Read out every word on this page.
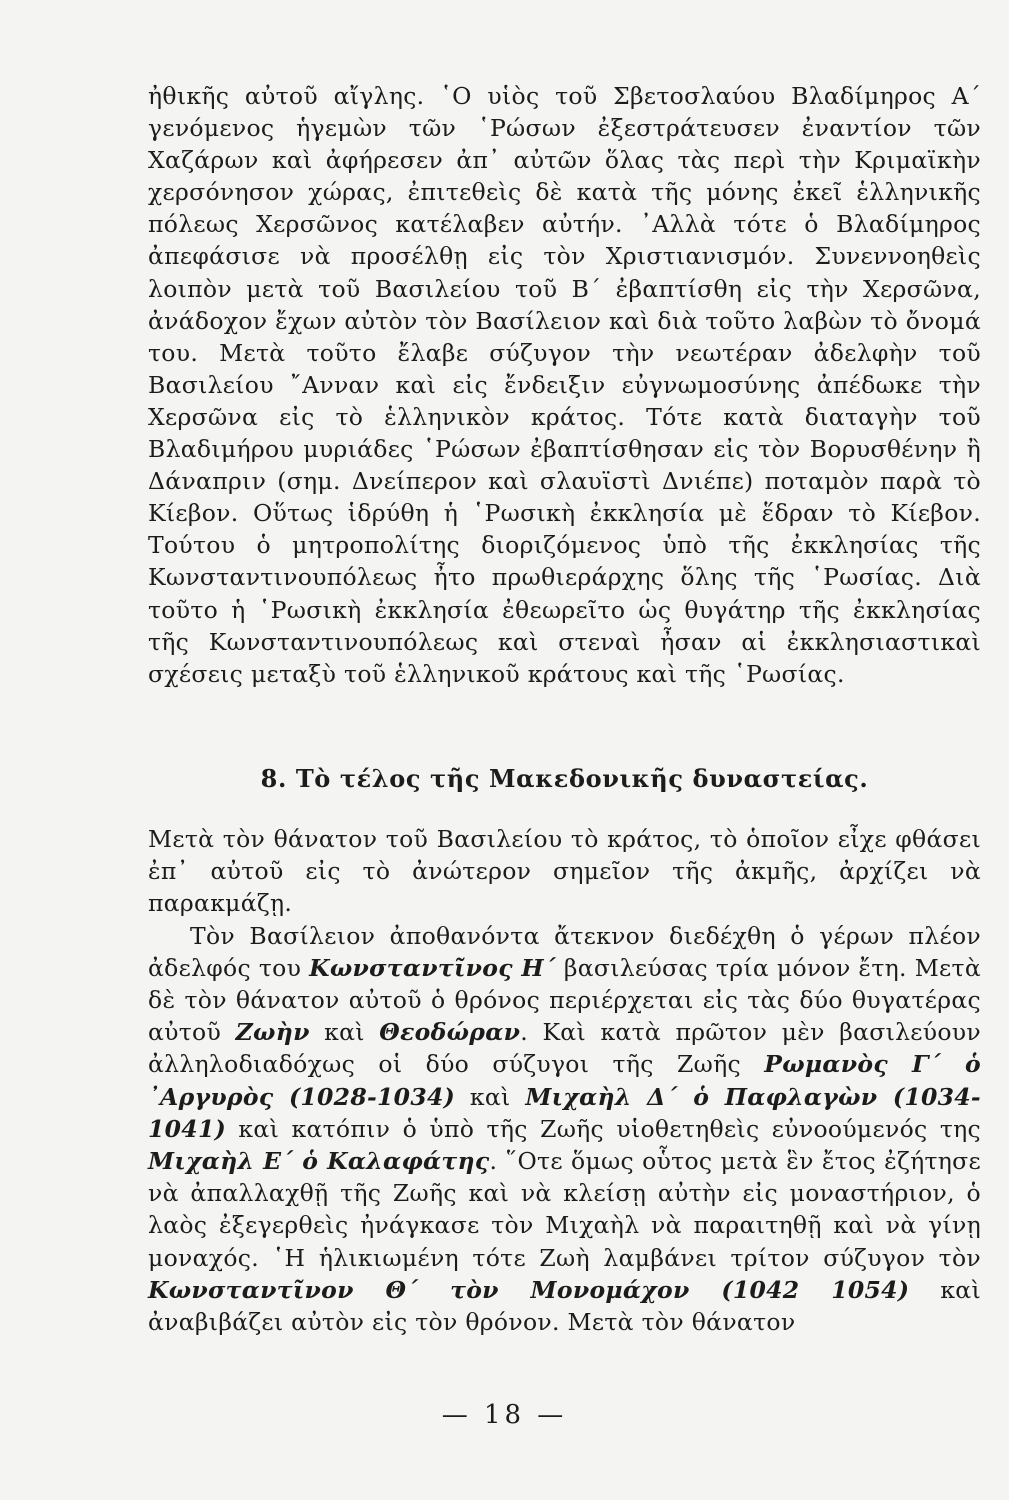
ἠθικῆς αὐτοῦ αἴγλης. ῾Ο υἱὸς τοῦ Σβετοσλαύου Βλαδίμηρος Α΄ γενόμενος ἡγεμὼν τῶν ῾Ρώσων ἐξεστράτευσεν ἐναντίον τῶν Χαζάρων καὶ ἀφήρεσεν ἀπ᾿ αὐτῶν ὅλας τὰς περὶ τὴν Κριμαϊκὴν χερσόνησον χώρας, ἐπιτεθεὶς δὲ κατὰ τῆς μόνης ἐκεῖ ἑλληνικῆς πόλεως Χερσῶνος κατέλαβεν αὐτήν. ᾿Αλλὰ τότε ὁ Βλαδίμηρος ἀπεφάσισε νὰ προσέλθῃ εἰς τὸν Χριστιανισμόν. Συνεννοηθεὶς λοιπὸν μετὰ τοῦ Βασιλείου τοῦ Β΄ ἐβαπτίσθη εἰς τὴν Χερσῶνα, ἀνάδοχον ἔχων αὐτὸν τὸν Βασίλειον καὶ διὰ τοῦτο λαβὼν τὸ ὄνομά του. Μετὰ τοῦτο ἔλαβε σύζυγον τὴν νεωτέραν ἀδελφὴν τοῦ Βασιλείου ῎Ανναν καὶ εἰς ἔνδειξιν εὐγνωμοσύνης ἀπέδωκε τὴν Χερσῶνα εἰς τὸ ἑλληνικὸν κράτος. Τότε κατὰ διαταγὴν τοῦ Βλαδιμήρου μυριάδες ῾Ρώσων ἐβαπτίσθησαν εἰς τὸν Βορυσθένην ἢ Δάναπριν (σημ. Δνείπερον καὶ σλαυϊστὶ Δνιέπε) ποταμὸν παρὰ τὸ Κίεβον. Οὕτως ἱδρύθη ἡ ῾Ρωσικὴ ἐκκλησία μὲ ἕδραν τὸ Κίεβον. Τούτου ὁ μητροπολίτης διοριζόμενος ὑπὸ τῆς ἐκκλησίας τῆς Κωνσταντινουπόλεως ἦτο πρωθιεράρχης ὅλης τῆς ῾Ρωσίας. Διὰ τοῦτο ἡ ῾Ρωσικὴ ἐκκλησία ἐθεωρεῖτο ὡς θυγάτηρ τῆς ἐκκλησίας τῆς Κωνσταντινουπόλεως καὶ στεναὶ ἦσαν αἱ ἐκκλησιαστικαὶ σχέσεις μεταξὺ τοῦ ἑλληνικοῦ κράτους καὶ τῆς ῾Ρωσίας.

8. Τὸ τέλος τῆς Μακεδονικῆς δυναστείας.

Μετὰ τὸν θάνατον τοῦ Βασιλείου τὸ κράτος, τὸ ὁποῖον εἶχε φθάσει ἐπ᾿ αὐτοῦ εἰς τὸ ἀνώτερον σημεῖον τῆς ἀκμῆς, ἀρχίζει νὰ παρακμάζῃ.

Τὸν Βασίλειον ἀποθανόντα ἄτεκνον διεδέχθη ὁ γέρων πλέον ἀδελφός του Κωνσταντῖνος Η΄ βασιλεύσας τρία μόνον ἔτη. Μετὰ δὲ τὸν θάνατον αὐτοῦ ὁ θρόνος περιέρχεται εἰς τὰς δύο θυγατέρας αὐτοῦ Ζωὴν καὶ Θεοδώραν. Καὶ κατὰ πρῶτον μὲν βασιλεύουν ἀλληλοδιαδόχως οἱ δύο σύζυγοι τῆς Ζωῆς Ρωμανὸς Γ΄ ὁ ᾿Αργυρὸς (1028-1034) καὶ Μιχαὴλ Δ΄ ὁ Παφλαγὼν (1034-1041) καὶ κατόπιν ὁ ὑπὸ τῆς Ζωῆς υἱοθετηθεὶς εὐνοούμενός της Μιχαὴλ Ε΄ ὁ Καλαφάτης. ῞Οτε ὅμως οὗτος μετὰ ἓν ἔτος ἐζήτησε νὰ ἀπαλλαχθῇ τῆς Ζωῆς καὶ νὰ κλείσῃ αὐτὴν εἰς μοναστήριον, ὁ λαὸς ἐξεγερθεὶς ἠνάγκασε τὸν Μιχαὴλ νὰ παραιτηθῇ καὶ νὰ γίνῃ μοναχός. ῾Η ἡλικιωμένη τότε Ζωὴ λαμβάνει τρίτον σύζυγον τὸν Κωνσταντῖνον Θ΄ τὸν Μονομάχον (1042 1054) καὶ ἀναβιβάζει αὐτὸν εἰς τὸν θρόνον. Μετὰ τὸν θάνατον

— 18 —
